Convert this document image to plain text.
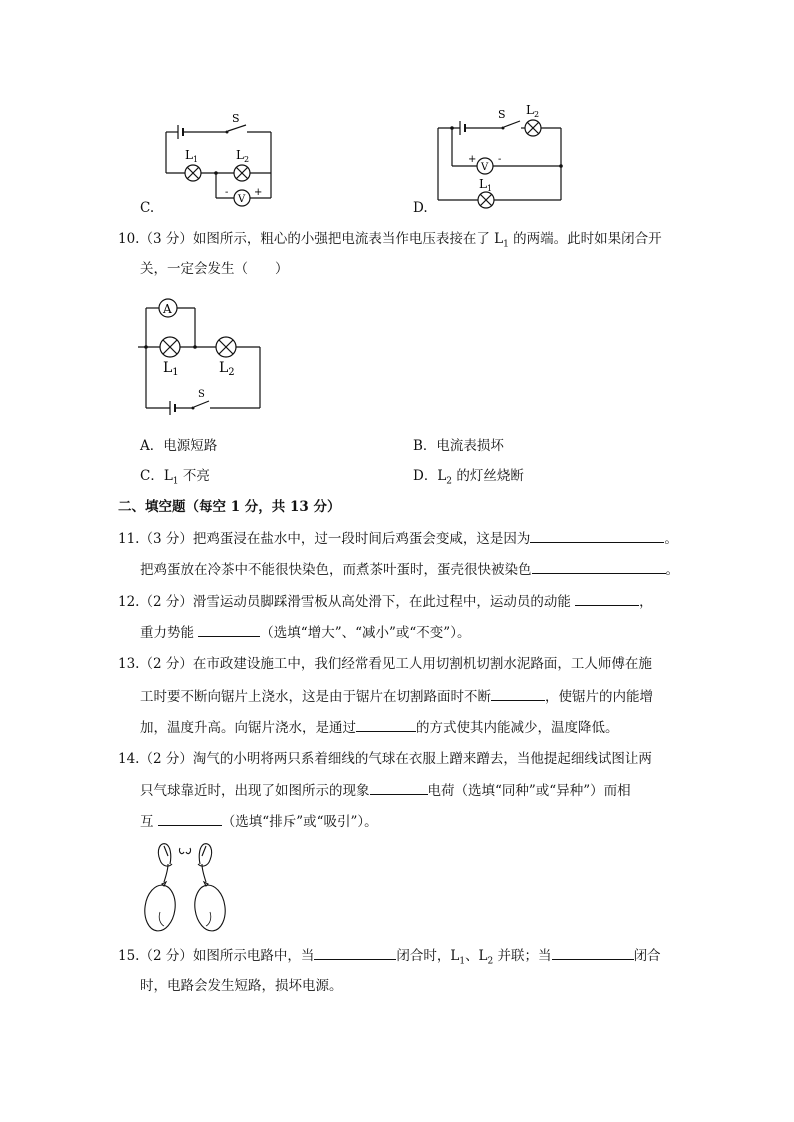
S
$L_1$	$L_2$
V
-	+
C.
S $L_2$
V
+ -
$L_1$
D.
10.（3 分）如图所示，粗心的小强把电流表当作电压表接在了 $L_1$ 的两端。此时如果闭合开
关，一定会发生（　　）
A
$L_1$	$L_2$
S
A．电源短路	B．电流表损坏
C．$L_1$ 不亮	D．$L_2$ 的灯丝烧断
二、填空题（每空 1 分，共 13 分）
11.（3 分）把鸡蛋浸在盐水中，过一段时间后鸡蛋会变咸，这是因为	。
把鸡蛋放在冷茶中不能很快染色，而煮茶叶蛋时，蛋壳很快被染色	。
12.（2 分）滑雪运动员脚踩滑雪板从高处滑下，在此过程中，运动员的动能	，
重力势能	（选填“增大”、“减小”或“不变”）。
13.（2 分）在市政建设施工中，我们经常看见工人用切割机切割水泥路面，工人师傅在施
工时要不断向锯片上浇水，这是由于锯片在切割路面时不断	，使锯片的内能增
加，温度升高。向锯片浇水，是通过	的方式使其内能减少，温度降低。
14.（2 分）淘气的小明将两只系着细线的气球在衣服上蹭来蹭去，当他提起细线试图让两
只气球靠近时，出现了如图所示的现象	电荷（选填“同种”或“异种”）而相
互	（选填“排斥”或“吸引”）。
15.（2 分）如图所示电路中，当	闭合时，$L_1$、$L_2$ 并联；当	闭合
时，电路会发生短路，损坏电源。
